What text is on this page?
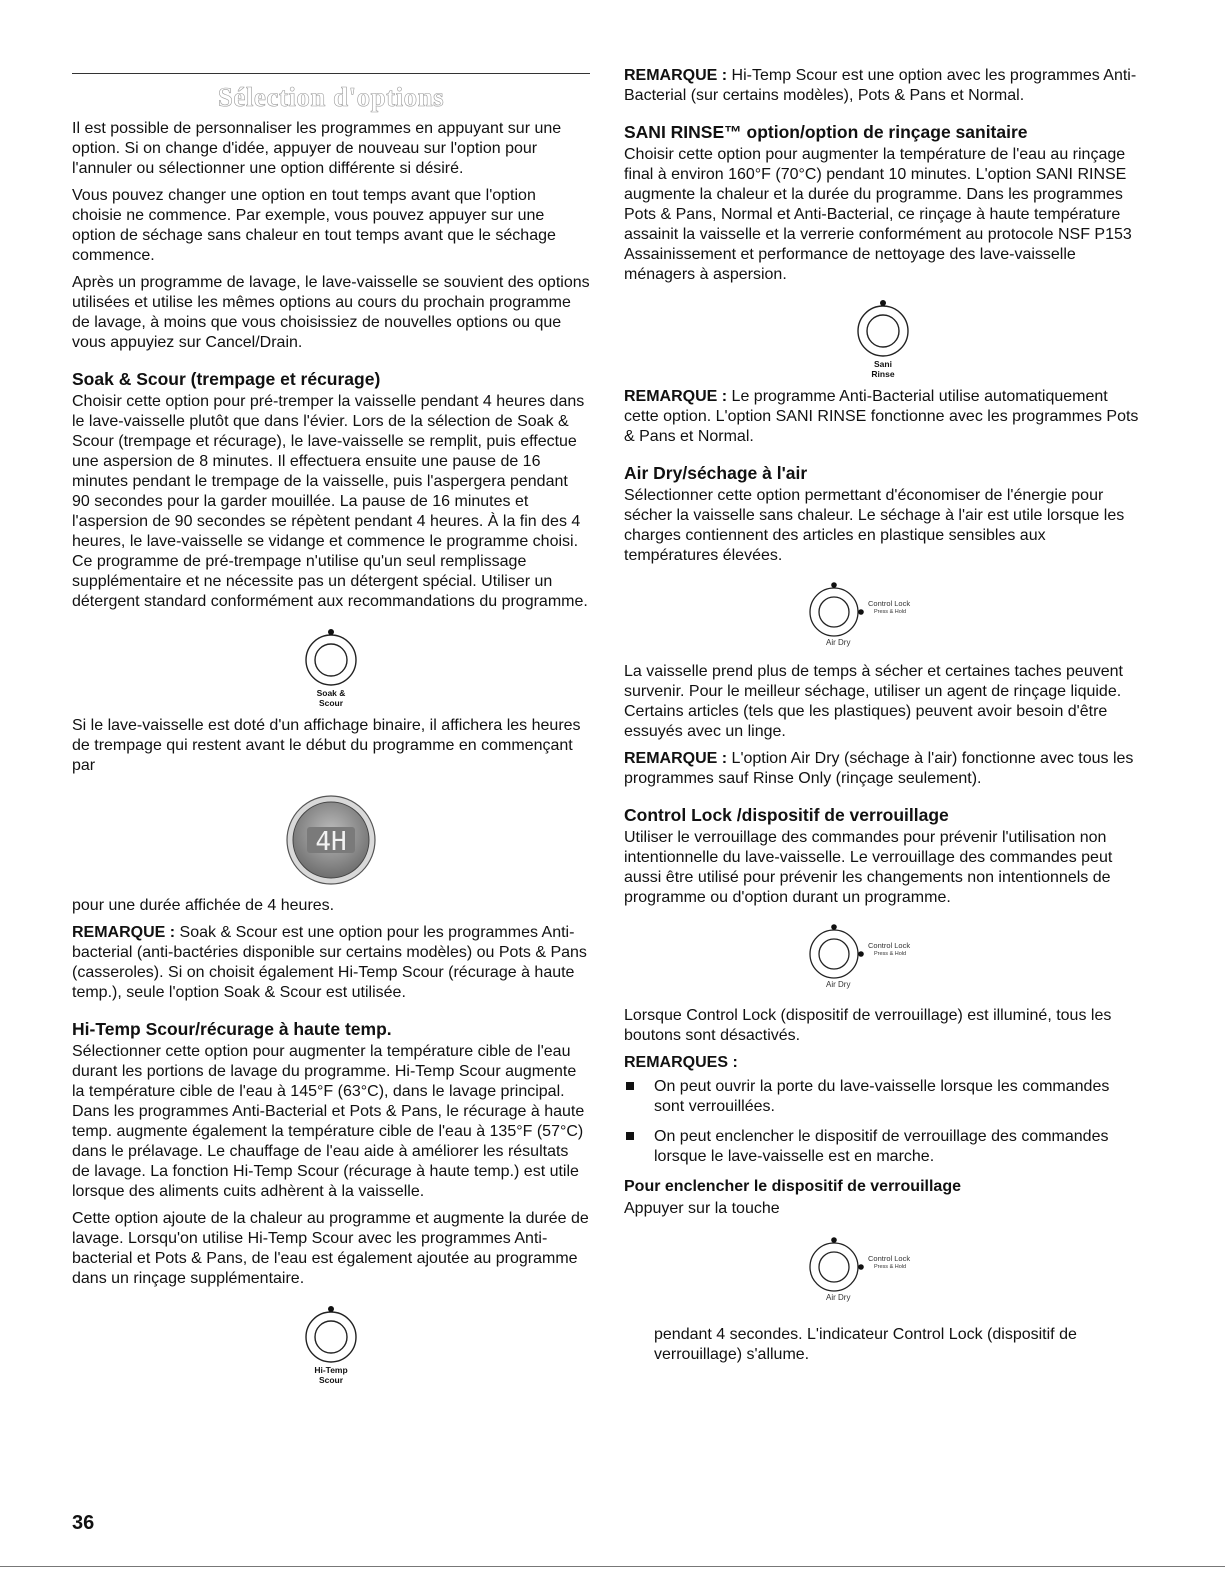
Sélection d'options

Il est possible de personnaliser les programmes en appuyant sur une option. Si on change d'idée, appuyer de nouveau sur l'option pour l'annuler ou sélectionner une option différente si désiré.

Vous pouvez changer une option en tout temps avant que l'option choisie ne commence. Par exemple, vous pouvez appuyer sur une option de séchage sans chaleur en tout temps avant que le séchage commence.

Après un programme de lavage, le lave-vaisselle se souvient des options utilisées et utilise les mêmes options au cours du prochain programme de lavage, à moins que vous choisissiez de nouvelles options ou que vous appuyiez sur Cancel/Drain.

Soak & Scour (trempage et récurage)

Choisir cette option pour pré-tremper la vaisselle pendant 4 heures dans le lave-vaisselle plutôt que dans l'évier. Lors de la sélection de Soak & Scour (trempage et récurage), le lave-vaisselle se remplit, puis effectue une aspersion de 8 minutes. Il effectuera ensuite une pause de 16 minutes pendant le trempage de la vaisselle, puis l'aspergera pendant 90 secondes pour la garder mouillée. La pause de 16 minutes et l'aspersion de 90 secondes se répètent pendant 4 heures. À la fin des 4 heures, le lave-vaisselle se vidange et commence le programme choisi. Ce programme de pré-trempage n'utilise qu'un seul remplissage supplémentaire et ne nécessite pas un détergent spécial. Utiliser un détergent standard conformément aux recommandations du programme.

Soak &
Scour

Si le lave-vaisselle est doté d'un affichage binaire, il affichera les heures de trempage qui restent avant le début du programme en commençant par

4H

pour une durée affichée de 4 heures.

REMARQUE : Soak & Scour est une option pour les programmes Anti-bacterial (anti-bactéries disponible sur certains modèles) ou Pots & Pans (casseroles). Si on choisit également Hi-Temp Scour (récurage à haute temp.), seule l'option Soak & Scour est utilisée.

Hi-Temp Scour/récurage à haute temp.

Sélectionner cette option pour augmenter la température cible de l'eau durant les portions de lavage du programme. Hi-Temp Scour augmente la température cible de l'eau à 145°F (63°C), dans le lavage principal. Dans les programmes Anti-Bacterial et Pots & Pans, le récurage à haute temp. augmente également la température cible de l'eau à 135°F (57°C) dans le prélavage. Le chauffage de l'eau aide à améliorer les résultats de lavage. La fonction Hi-Temp Scour (récurage à haute temp.) est utile lorsque des aliments cuits adhèrent à la vaisselle.

Cette option ajoute de la chaleur au programme et augmente la durée de lavage. Lorsqu'on utilise Hi-Temp Scour avec les programmes Anti-bacterial et Pots & Pans, de l'eau est également ajoutée au programme dans un rinçage supplémentaire.

Hi-Temp
Scour
36

REMARQUE : Hi-Temp Scour est une option avec les programmes Anti-Bacterial (sur certains modèles), Pots & Pans et Normal.

SANI RINSE™ option/option de rinçage sanitaire

Choisir cette option pour augmenter la température de l'eau au rinçage final à environ 160°F (70°C) pendant 10 minutes. L'option SANI RINSE augmente la chaleur et la durée du programme. Dans les programmes Pots & Pans, Normal et Anti-Bacterial, ce rinçage à haute température assainit la vaisselle et la verrerie conformément au protocole NSF P153 Assainissement et performance de nettoyage des lave-vaisselle ménagers à aspersion.

Sani
Rinse

REMARQUE : Le programme Anti-Bacterial utilise automatiquement cette option. L'option SANI RINSE fonctionne avec les programmes Pots & Pans et Normal.

Air Dry/séchage à l'air

Sélectionner cette option permettant d'économiser de l'énergie pour sécher la vaisselle sans chaleur. Le séchage à l'air est utile lorsque les charges contiennent des articles en plastique sensibles aux températures élevées.

Control Lock
Press & Hold
Air Dry

La vaisselle prend plus de temps à sécher et certaines taches peuvent survenir. Pour le meilleur séchage, utiliser un agent de rinçage liquide. Certains articles (tels que les plastiques) peuvent avoir besoin d'être essuyés avec un linge.

REMARQUE : L'option Air Dry (séchage à l'air) fonctionne avec tous les programmes sauf Rinse Only (rinçage seulement).

Control Lock /dispositif de verrouillage

Utiliser le verrouillage des commandes pour prévenir l'utilisation non intentionnelle du lave-vaisselle. Le verrouillage des commandes peut aussi être utilisé pour prévenir les changements non intentionnels de programme ou d'option durant un programme.

Control Lock
Press & Hold
Air Dry

Lorsque Control Lock (dispositif de verrouillage) est illuminé, tous les boutons sont désactivés.

REMARQUES :
On peut ouvrir la porte du lave-vaisselle lorsque les commandes sont verrouillées.
On peut enclencher le dispositif de verrouillage des commandes lorsque le lave-vaisselle est en marche.
Pour enclencher le dispositif de verrouillage

Appuyer sur la touche

Control Lock
Press & Hold
Air Dry

pendant 4 secondes. L'indicateur Control Lock (dispositif de verrouillage) s'allume.
